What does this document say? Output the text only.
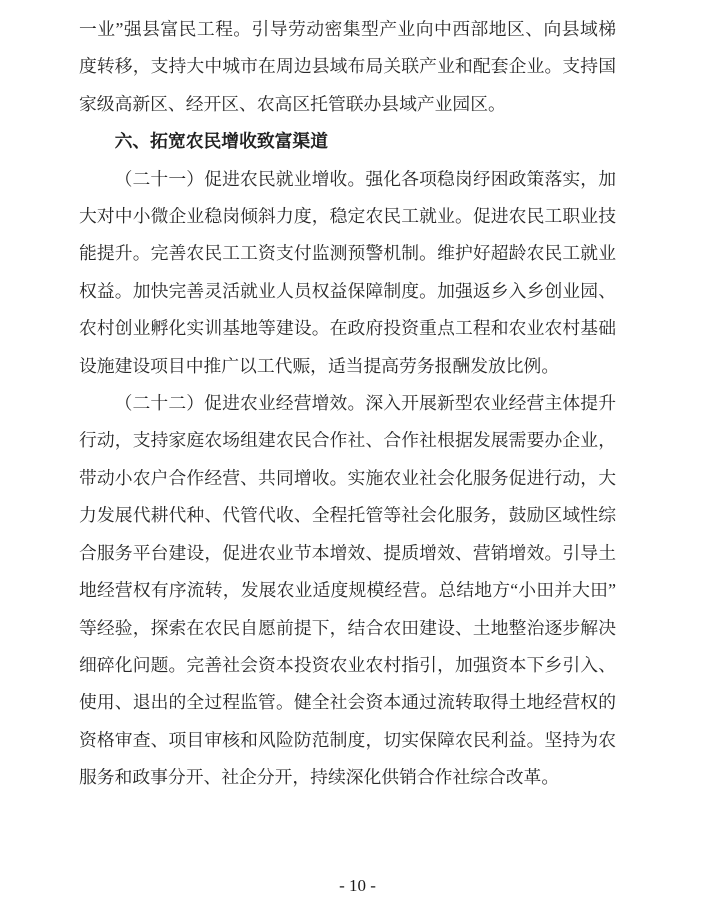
一业”强县富民工程。引导劳动密集型产业向中西部地区、向县域梯度转移，支持大中城市在周边县域布局关联产业和配套企业。支持国家级高新区、经开区、农高区托管联办县域产业园区。

六、拓宽农民增收致富渠道

（二十一）促进农民就业增收。强化各项稳岗纾困政策落实，加大对中小微企业稳岗倾斜力度，稳定农民工就业。促进农民工职业技能提升。完善农民工工资支付监测预警机制。维护好超龄农民工就业权益。加快完善灵活就业人员权益保障制度。加强返乡入乡创业园、农村创业孵化实训基地等建设。在政府投资重点工程和农业农村基础设施建设项目中推广以工代赈，适当提高劳务报酬发放比例。

（二十二）促进农业经营增效。深入开展新型农业经营主体提升行动，支持家庭农场组建农民合作社、合作社根据发展需要办企业，带动小农户合作经营、共同增收。实施农业社会化服务促进行动，大力发展代耕代种、代管代收、全程托管等社会化服务，鼓励区域性综合服务平台建设，促进农业节本增效、提质增效、营销增效。引导土地经营权有序流转，发展农业适度规模经营。总结地方“小田并大田”等经验，探索在农民自愿前提下，结合农田建设、土地整治逐步解决细碎化问题。完善社会资本投资农业农村指引，加强资本下乡引入、使用、退出的全过程监管。健全社会资本通过流转取得土地经营权的资格审查、项目审核和风险防范制度，切实保障农民利益。坚持为农服务和政事分开、社企分开，持续深化供销合作社综合改革。

- 10 -
